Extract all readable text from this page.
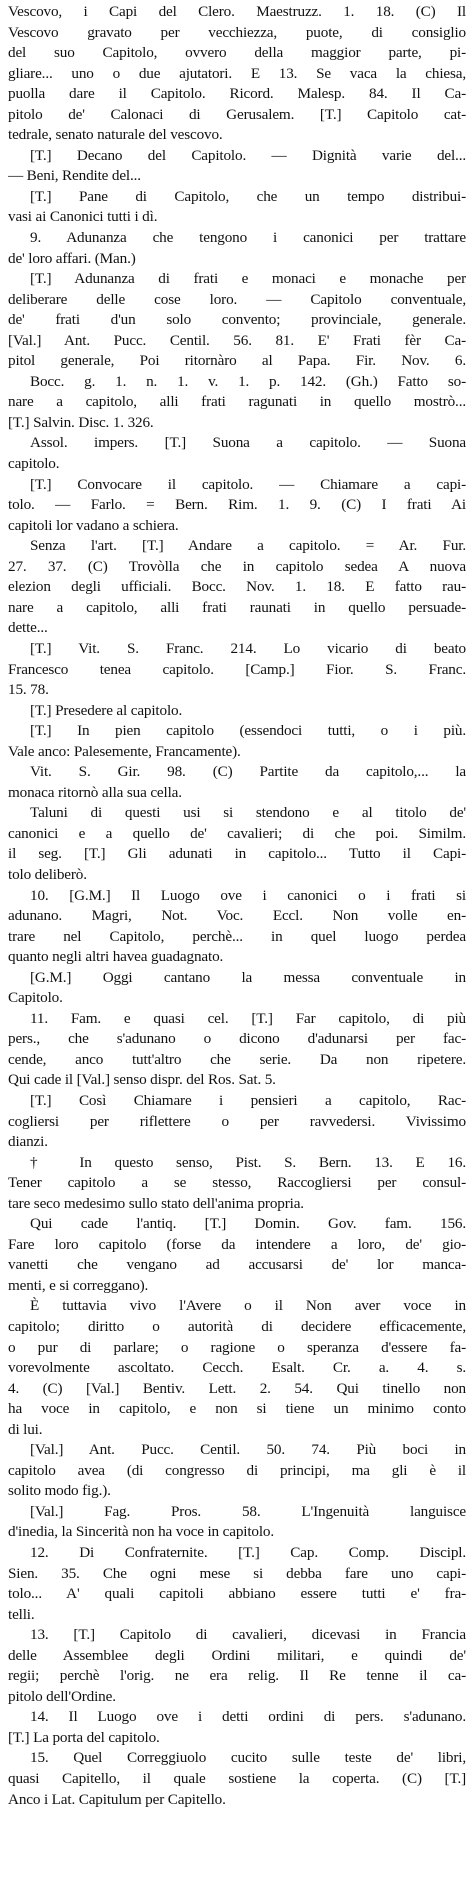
Vescovo, i Capi del Clero. Maestruzz. 1. 18. (C) Il
Vescovo gravato per vecchiezza, puote, di consiglio
del suo Capitolo, ovvero della maggior parte, pi-
gliare... uno o due ajutatori. E 13. Se vaca la chiesa,
puolla dare il Capitolo. Ricord. Malesp. 84. Il Ca-
pitolo de' Calonaci di Gerusalem. [T.] Capitolo cat-
tedrale, senato naturale del vescovo.
[T.] Decano del Capitolo. — Dignità varie del...
— Beni, Rendite del...
[T.] Pane di Capitolo, che un tempo distribui-
vasi ai Canonici tutti i dì.
9. Adunanza che tengono i canonici per trattare
de' loro affari. (Man.)
[T.] Adunanza di frati e monaci e monache per
deliberare delle cose loro. — Capitolo conventuale,
de' frati d'un solo convento; provinciale, generale.
[Val.] Ant. Pucc. Centil. 56. 81. E' Frati fèr Ca-
pitol generale, Poi ritornàro al Papa. Fir. Nov. 6.
Bocc. g. 1. n. 1. v. 1. p. 142. (Gh.) Fatto so-
nare a capitolo, alli frati ragunati in quello mostrò...
[T.] Salvin. Disc. 1. 326.
Assol. impers. [T.] Suona a capitolo. — Suona
capitolo.
[T.] Convocare il capitolo. — Chiamare a capi-
tolo. — Farlo. = Bern. Rim. 1. 9. (C) I frati Ai
capitoli lor vadano a schiera.
Senza l'art. [T.] Andare a capitolo. = Ar. Fur.
27. 37. (C) Trovòlla che in capitolo sedea A nuova
elezion degli ufficiali. Bocc. Nov. 1. 18. E fatto rau-
nare a capitolo, alli frati raunati in quello persuade-
dette...
[T.] Vit. S. Franc. 214. Lo vicario di beato
Francesco tenea capitolo. [Camp.] Fior. S. Franc.
15. 78.
[T.] Presedere al capitolo.
[T.] In pien capitolo (essendoci tutti, o i più.
Vale anco: Palesemente, Francamente).
Vit. S. Gir. 98. (C) Partite da capitolo,... la
monaca ritornò alla sua cella.
Taluni di questi usi si stendono e al titolo de'
canonici e a quello de' cavalieri; di che poi. Similm.
il seg. [T.] Gli adunati in capitolo... Tutto il Capi-
tolo deliberò.
10. [G.M.] Il Luogo ove i canonici o i frati si
adunano. Magri, Not. Voc. Eccl. Non volle en-
trare nel Capitolo, perchè... in quel luogo perdea
quanto negli altri havea guadagnato.
[G.M.] Oggi cantano la messa conventuale in
Capitolo.
11. Fam. e quasi cel. [T.] Far capitolo, di più
pers., che s'adunano o dicono d'adunarsi per fac-
cende, anco tutt'altro che serie. Da non ripetere.
Qui cade il [Val.] senso dispr. del Ros. Sat. 5.
[T.] Così Chiamare i pensieri a capitolo, Rac-
cogliersi per riflettere o per ravvedersi. Vivissimo
dianzi.
† In questo senso, Pist. S. Bern. 13. E 16.
Tener capitolo a se stesso, Raccogliersi per consul-
tare seco medesimo sullo stato dell'anima propria.
Qui cade l'antiq. [T.] Domin. Gov. fam. 156.
Fare loro capitolo (forse da intendere a loro, de' gio-
vanetti che vengano ad accusarsi de' lor manca-
menti, e si correggano).
È tuttavia vivo l'Avere o il Non aver voce in
capitolo; diritto o autorità di decidere efficacemente,
o pur di parlare; o ragione o speranza d'essere fa-
vorevolmente ascoltato. Cecch. Esalt. Cr. a. 4. s.
4. (C) [Val.] Bentiv. Lett. 2. 54. Qui tinello non
ha voce in capitolo, e non si tiene un minimo conto
di lui.
[Val.] Ant. Pucc. Centil. 50. 74. Più boci in
capitolo avea (di congresso di principi, ma gli è il
solito modo fig.).
[Val.] Fag. Pros. 58. L'Ingenuità languisce
d'inedia, la Sincerità non ha voce in capitolo.
12. Di Confraternite. [T.] Cap. Comp. Discipl.
Sien. 35. Che ogni mese si debba fare uno capi-
tolo... A' quali capitoli abbiano essere tutti e' fra-
telli.
13. [T.] Capitolo di cavalieri, dicevasi in Francia
delle Assemblee degli Ordini militari, e quindi de'
regii; perchè l'orig. ne era relig. Il Re tenne il ca-
pitolo dell'Ordine.
14. Il Luogo ove i detti ordini di pers. s'adunano.
[T.] La porta del capitolo.
15. Quel Correggiuolo cucito sulle teste de' libri,
quasi Capitello, il quale sostiene la coperta. (C) [T.]
Anco i Lat. Capitulum per Capitello.
